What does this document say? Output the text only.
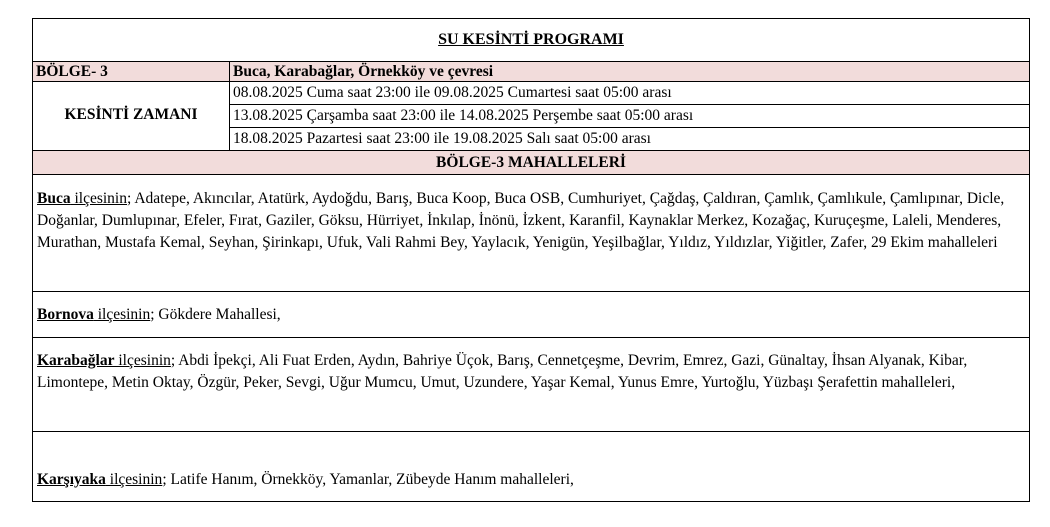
SU KESİNTİ PROGRAMI
BÖLGE- 3	Buca, Karabağlar, Örnekköy ve çevresi
KESİNTİ ZAMANI
08.08.2025 Cuma saat 23:00 ile 09.08.2025 Cumartesi saat 05:00 arası
13.08.2025 Çarşamba saat 23:00 ile 14.08.2025 Perşembe saat 05:00 arası
18.08.2025 Pazartesi saat 23:00 ile 19.08.2025 Salı saat 05:00 arası
BÖLGE-3 MAHALLELERİ
Buca ilçesinin; Adatepe, Akıncılar, Atatürk, Aydoğdu, Barış, Buca Koop, Buca OSB, Cumhuriyet, Çağdaş, Çaldıran, Çamlık, Çamlıkule, Çamlıpınar, Dicle, Doğanlar, Dumlupınar, Efeler, Fırat, Gaziler, Göksu, Hürriyet, İnkılap, İnönü, İzkent, Karanfil, Kaynaklar Merkez, Kozağaç, Kuruçeşme, Laleli, Menderes, Murathan, Mustafa Kemal, Seyhan, Şirinkapı, Ufuk, Vali Rahmi Bey, Yaylacık, Yenigün, Yeşilbağlar, Yıldız, Yıldızlar, Yiğitler, Zafer, 29 Ekim mahalleleri
Bornova ilçesinin; Gökdere Mahallesi,
Karabağlar ilçesinin; Abdi İpekçi, Ali Fuat Erden, Aydın, Bahriye Üçok, Barış, Cennetçeşme, Devrim, Emrez, Gazi, Günaltay, İhsan Alyanak, Kibar, Limontepe, Metin Oktay, Özgür, Peker, Sevgi, Uğur Mumcu, Umut, Uzundere, Yaşar Kemal, Yunus Emre, Yurtoğlu, Yüzbaşı Şerafettin mahalleleri,
Karşıyaka ilçesinin; Latife Hanım, Örnekköy, Yamanlar, Zübeyde Hanım mahalleleri,
